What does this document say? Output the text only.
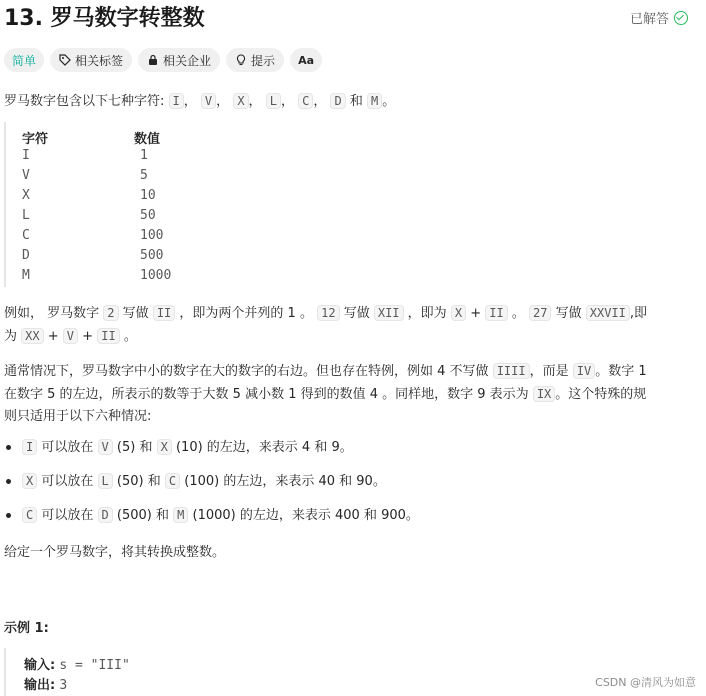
13. 罗马数字转整数	已解答
简单	相关标签	相关企业	提示 Aa
罗马数字包含以下七种字符: I ， V ， X ， L ， C ， D 和 M 。
字符	数值
I	1
V	5
X	10
L	50
C	100
D	500
M	1000
例如， 罗马数字 2 写做 II ，即为两个并列的 1 。 12 写做 XII ，即为 X + II 。 27 写做 XXVII ,即
为 XX + V + II 。
通常情况下，罗马数字中小的数字在大的数字的右边。但也存在特例，例如 4 不写做 IIII ，而是 IV 。数字 1
在数字 5 的左边，所表示的数等于大数 5 减小数 1 得到的数值 4 。同样地，数字 9 表示为 IX 。这个特殊的规
则只适用于以下六种情况:
I 可以放在 V (5) 和 X (10) 的左边，来表示 4 和 9。
X 可以放在 L (50) 和 C (100) 的左边，来表示 40 和 90。
C 可以放在 D (500) 和 M (1000) 的左边，来表示 400 和 900。
给定一个罗马数字，将其转换成整数。
示例 1:
输入: s = "III"
输出: 3	CSDN @清风为如意
